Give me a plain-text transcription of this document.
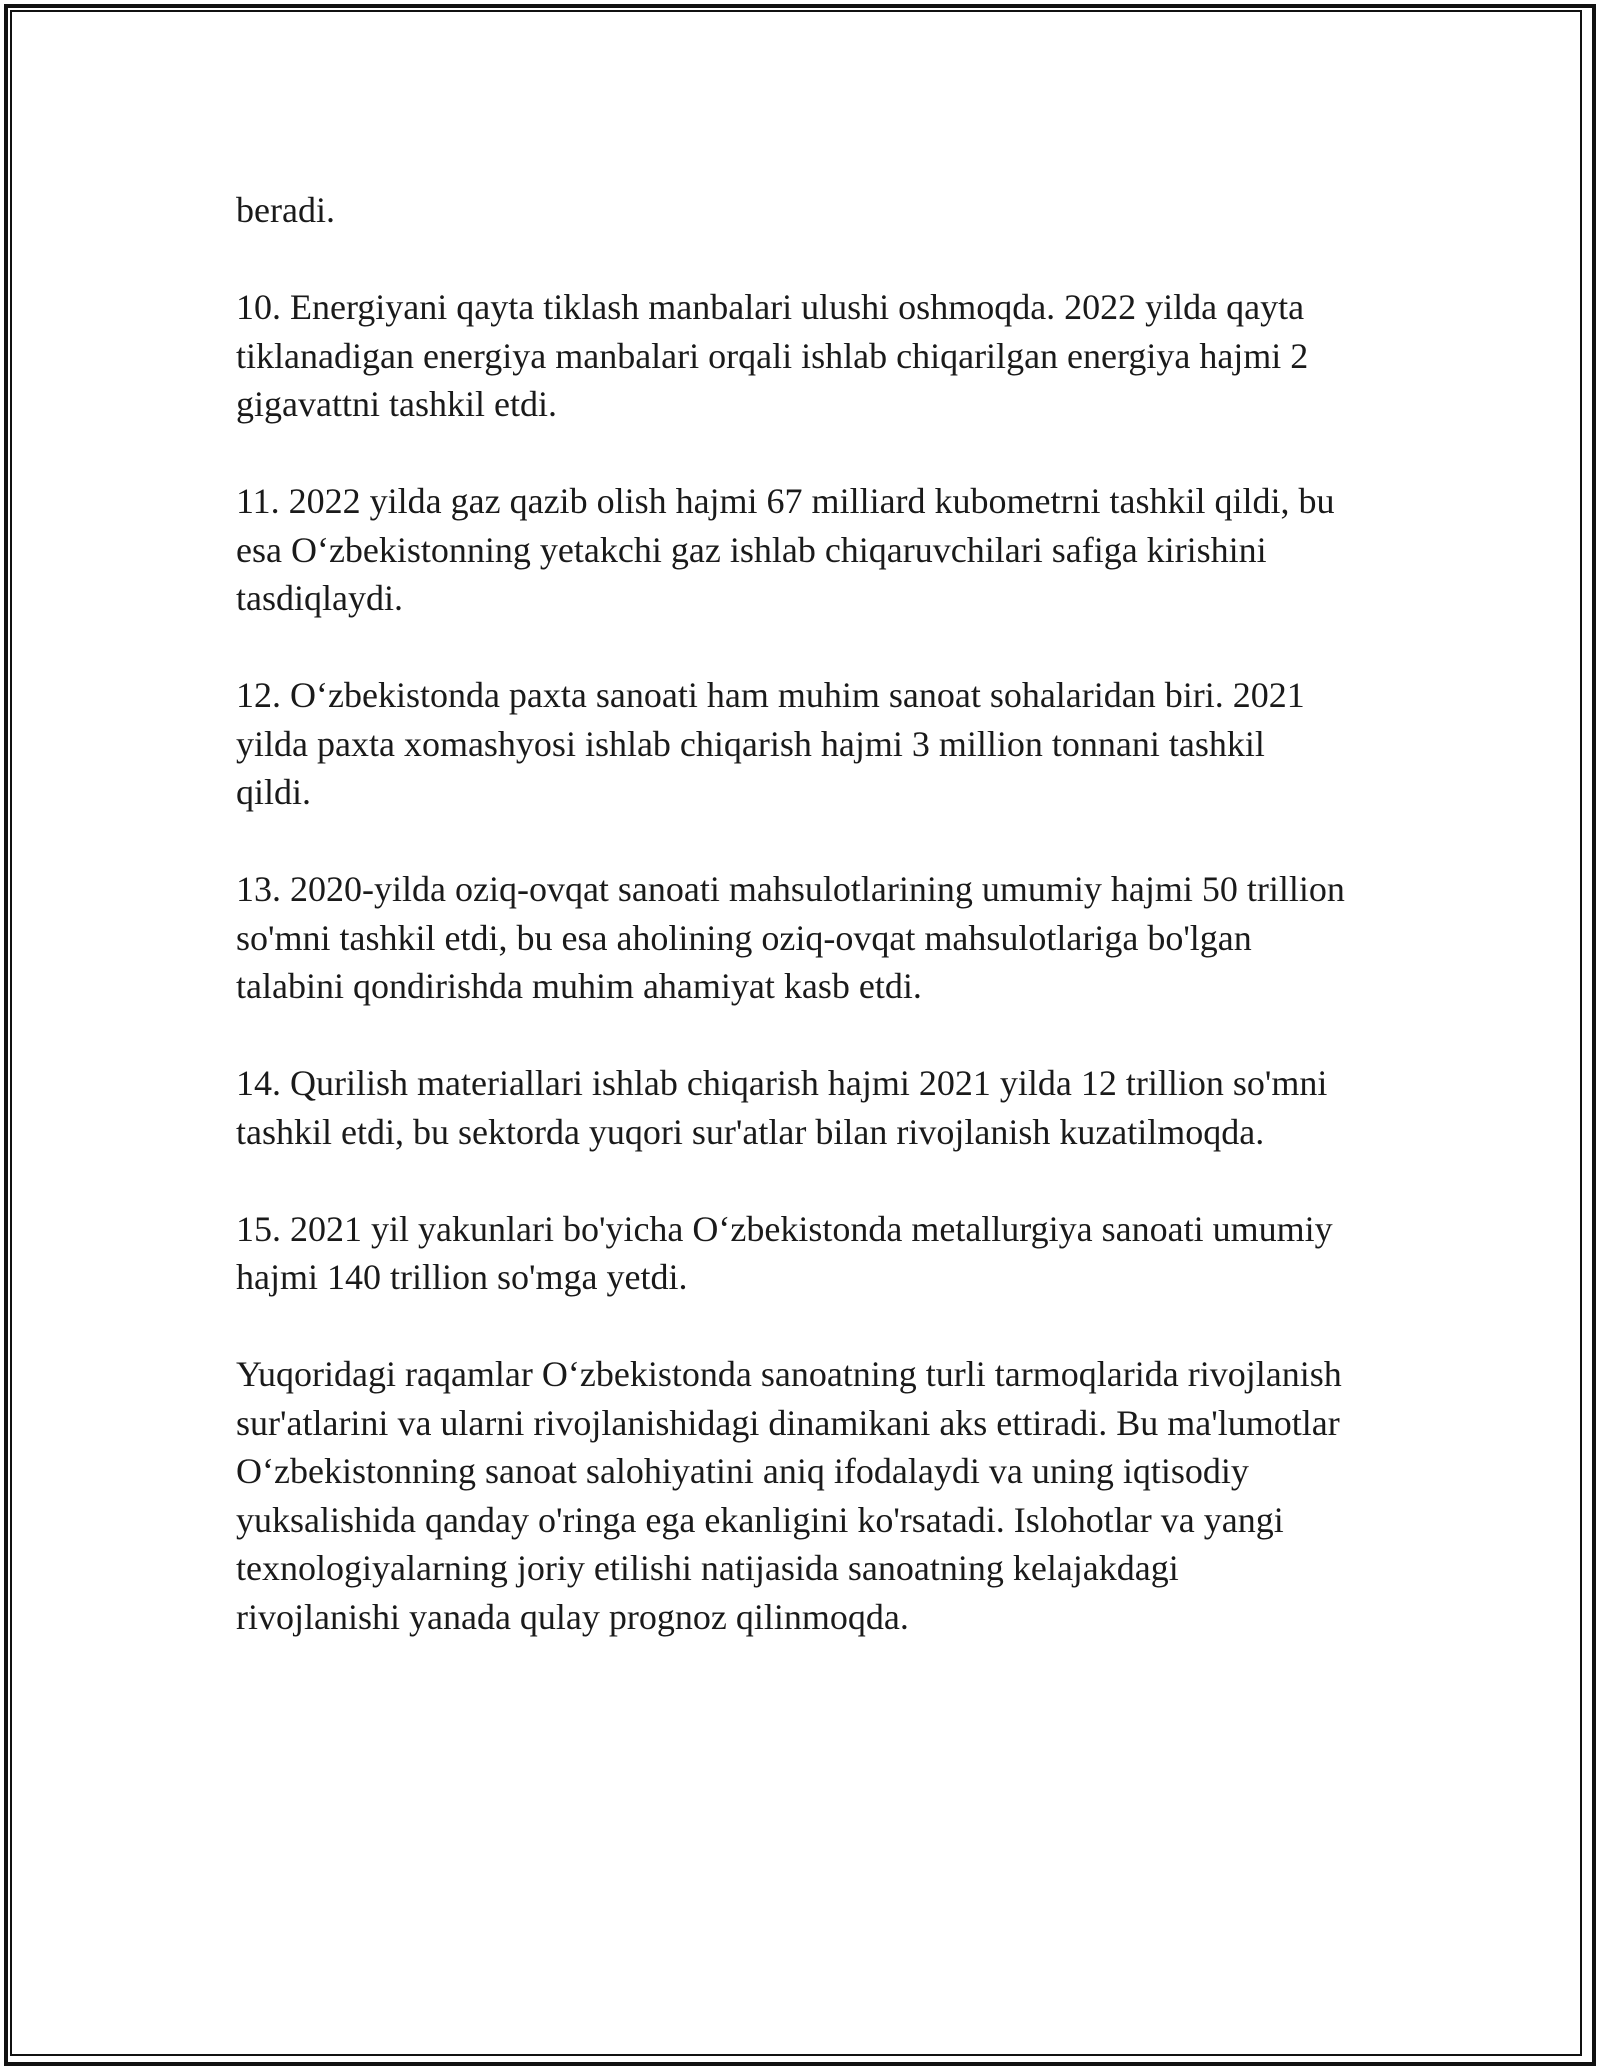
beradi.

10. Energiyani qayta tiklash manbalari ulushi oshmoqda. 2022 yilda qayta
tiklanadigan energiya manbalari orqali ishlab chiqarilgan energiya hajmi 2
gigavattni tashkil etdi.

11. 2022 yilda gaz qazib olish hajmi 67 milliard kubometrni tashkil qildi, bu
esa O‘zbekistonning yetakchi gaz ishlab chiqaruvchilari safiga kirishini
tasdiqlaydi.

12. O‘zbekistonda paxta sanoati ham muhim sanoat sohalaridan biri. 2021
yilda paxta xomashyosi ishlab chiqarish hajmi 3 million tonnani tashkil
qildi.

13. 2020-yilda oziq-ovqat sanoati mahsulotlarining umumiy hajmi 50 trillion
so'mni tashkil etdi, bu esa aholining oziq-ovqat mahsulotlariga bo'lgan
talabini qondirishda muhim ahamiyat kasb etdi.

14. Qurilish materiallari ishlab chiqarish hajmi 2021 yilda 12 trillion so'mni
tashkil etdi, bu sektorda yuqori sur'atlar bilan rivojlanish kuzatilmoqda.

15. 2021 yil yakunlari bo'yicha O‘zbekistonda metallurgiya sanoati umumiy
hajmi 140 trillion so'mga yetdi.

Yuqoridagi raqamlar O‘zbekistonda sanoatning turli tarmoqlarida rivojlanish
sur'atlarini va ularni rivojlanishidagi dinamikani aks ettiradi. Bu ma'lumotlar
O‘zbekistonning sanoat salohiyatini aniq ifodalaydi va uning iqtisodiy
yuksalishida qanday o'ringa ega ekanligini ko'rsatadi. Islohotlar va yangi
texnologiyalarning joriy etilishi natijasida sanoatning kelajakdagi
rivojlanishi yanada qulay prognoz qilinmoqda.
